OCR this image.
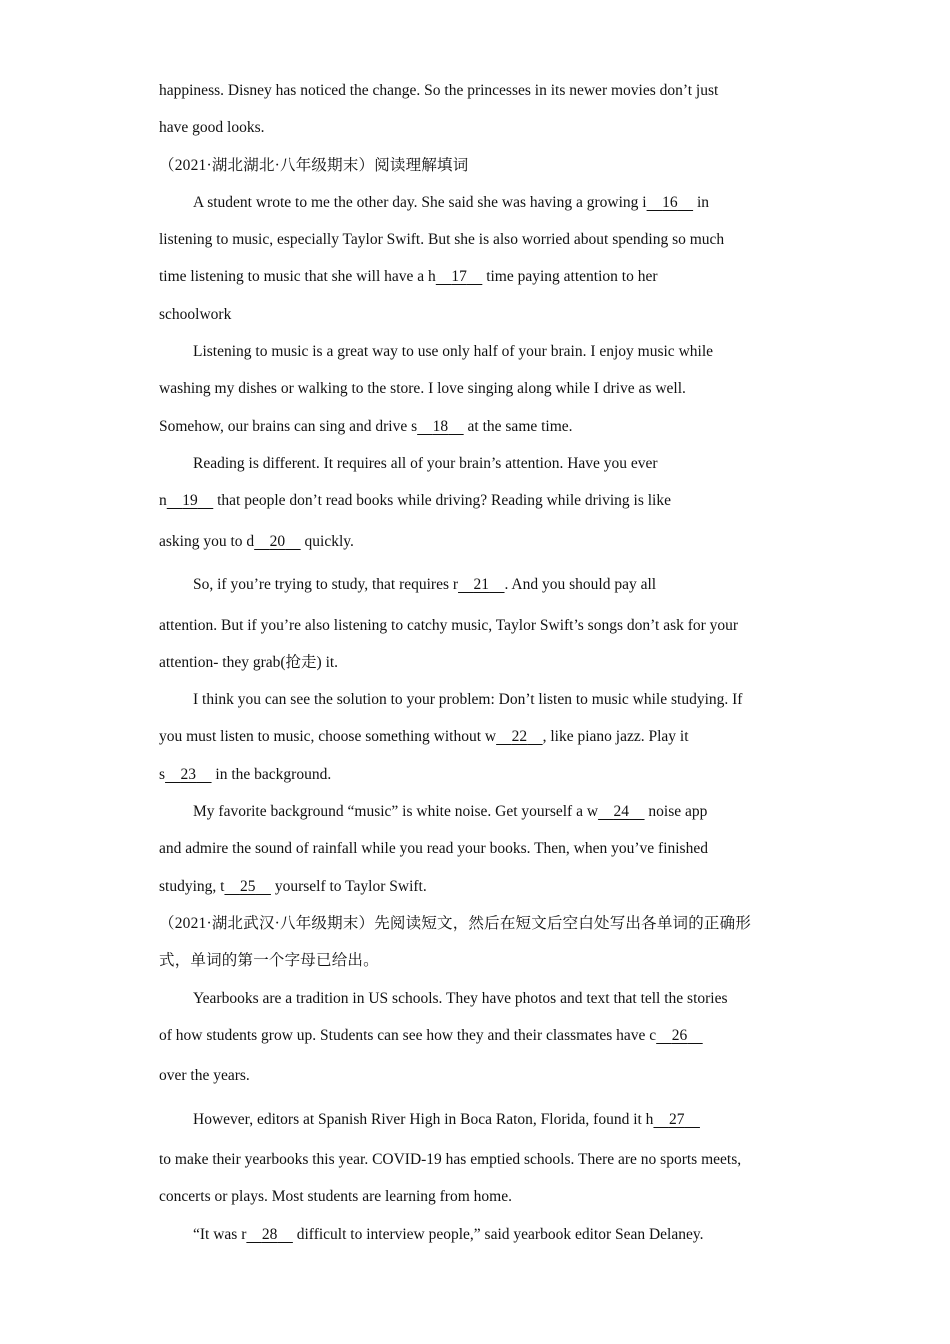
happiness. Disney has noticed the change. So the princesses in its newer movies don’t just
have good looks.
（2021·湖北湖北·八年级期末）阅读理解填词
A student wrote to me the other day. She said she was having a growing i 16     in
listening to music, especially Taylor Swift. But she is also worried about spending so much
time listening to music that she will have a h 17     time paying attention to her
schoolwork
Listening to music is a great way to use only half of your brain. I enjoy music while
washing my dishes or walking to the store. I love singing along while I drive as well.
Somehow, our brains can sing and drive s 18     at the same time.
Reading is different. It requires all of your brain’s attention. Have you ever
n 19     that people don’t read books while driving? Reading while driving is like
asking you to d 20     quickly.
So, if you’re trying to study, that requires r 21 . And you should pay all
attention. But if you’re also listening to catchy music, Taylor Swift’s songs don’t ask for your
attention- they grab(抢走) it.
I think you can see the solution to your problem: Don’t listen to music while studying. If
you must listen to music, choose something without w 22 , like piano jazz. Play it
s 23     in the background.
My favorite background “music” is white noise. Get yourself a w 24     noise app
and admire the sound of rainfall while you read your books. Then, when you’ve finished
studying, t 25     yourself to Taylor Swift.
（2021·湖北武汉·八年级期末）先阅读短文，然后在短文后空白处写出各单词的正确形
式，单词的第一个字母已给出。
Yearbooks are a tradition in US schools. They have photos and text that tell the stories
of how students grow up. Students can see how they and their classmates have c 26
over the years.
However, editors at Spanish River High in Boca Raton, Florida, found it h 27
to make their yearbooks this year. COVID-19 has emptied schools. There are no sports meets,
concerts or plays. Most students are learning from home.
“It was r 28     difficult to interview people,” said yearbook editor Sean Delaney.
